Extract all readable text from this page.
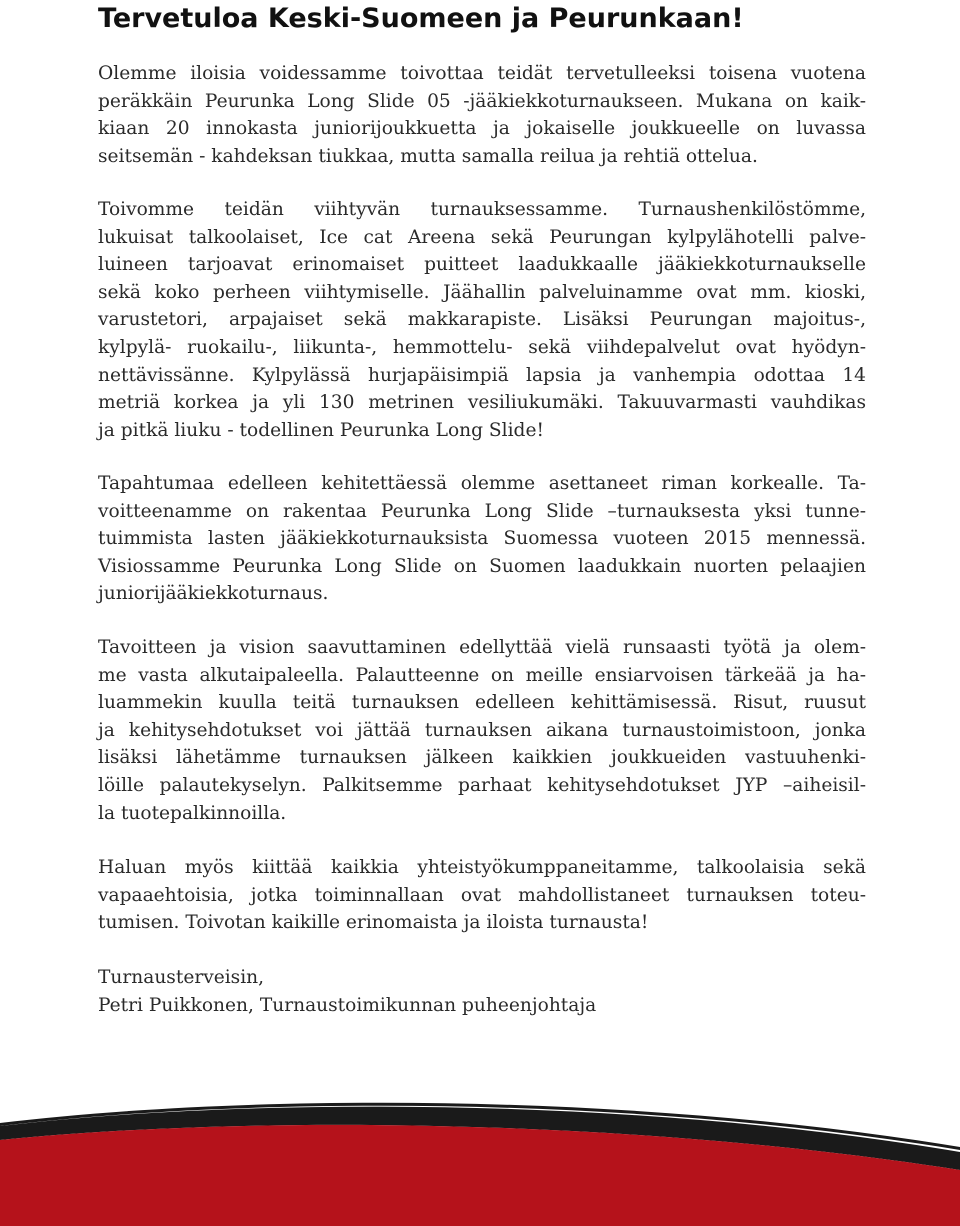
Tervetuloa Keski-Suomeen ja Peurunkaan!
Olemme iloisia voidessamme toivottaa teidät tervetulleeksi toisena vuotena
peräkkäin Peurunka Long Slide 05 -jääkiekkoturnaukseen. Mukana on kaik-
kiaan 20 innokasta juniorijoukkuetta ja jokaiselle joukkueelle on luvassa
seitsemän - kahdeksan tiukkaa, mutta samalla reilua ja rehtiä ottelua.
Toivomme teidän viihtyvän turnauksessamme. Turnaushenkilöstömme,
lukuisat talkoolaiset, Ice cat Areena sekä Peurungan kylpylähotelli palve-
luineen tarjoavat erinomaiset puitteet laadukkaalle jääkiekkoturnaukselle
sekä koko perheen viihtymiselle. Jäähallin palveluinamme ovat mm. kioski,
varustetori, arpajaiset sekä makkarapiste. Lisäksi Peurungan majoitus-,
kylpylä- ruokailu-, liikunta-, hemmottelu- sekä viihdepalvelut ovat hyödyn-
nettävissänne. Kylpylässä hurjapäisimpiä lapsia ja vanhempia odottaa 14
metriä korkea ja yli 130 metrinen vesiliukumäki. Takuuvarmasti vauhdikas
ja pitkä liuku - todellinen Peurunka Long Slide!
Tapahtumaa edelleen kehitettäessä olemme asettaneet riman korkealle. Ta-
voitteenamme on rakentaa Peurunka Long Slide –turnauksesta yksi tunne-
tuimmista lasten jääkiekkoturnauksista Suomessa vuoteen 2015 mennessä.
Visiossamme Peurunka Long Slide on Suomen laadukkain nuorten pelaajien
juniorijääkiekkoturnaus.
Tavoitteen ja vision saavuttaminen edellyttää vielä runsaasti työtä ja olem-
me vasta alkutaipaleella. Palautteenne on meille ensiarvoisen tärkeää ja ha-
luammekin kuulla teitä turnauksen edelleen kehittämisessä. Risut, ruusut
ja kehitysehdotukset voi jättää turnauksen aikana turnaustoimistoon, jonka
lisäksi lähetämme turnauksen jälkeen kaikkien joukkueiden vastuuhenki-
löille palautekyselyn. Palkitsemme parhaat kehitysehdotukset JYP –aiheisil-
la tuotepalkinnoilla.
Haluan myös kiittää kaikkia yhteistyökumppaneitamme, talkoolaisia sekä
vapaaehtoisia, jotka toiminnallaan ovat mahdollistaneet turnauksen toteu-
tumisen. Toivotan kaikille erinomaista ja iloista turnausta!
Turnausterveisin,
Petri Puikkonen, Turnaustoimikunnan puheenjohtaja
